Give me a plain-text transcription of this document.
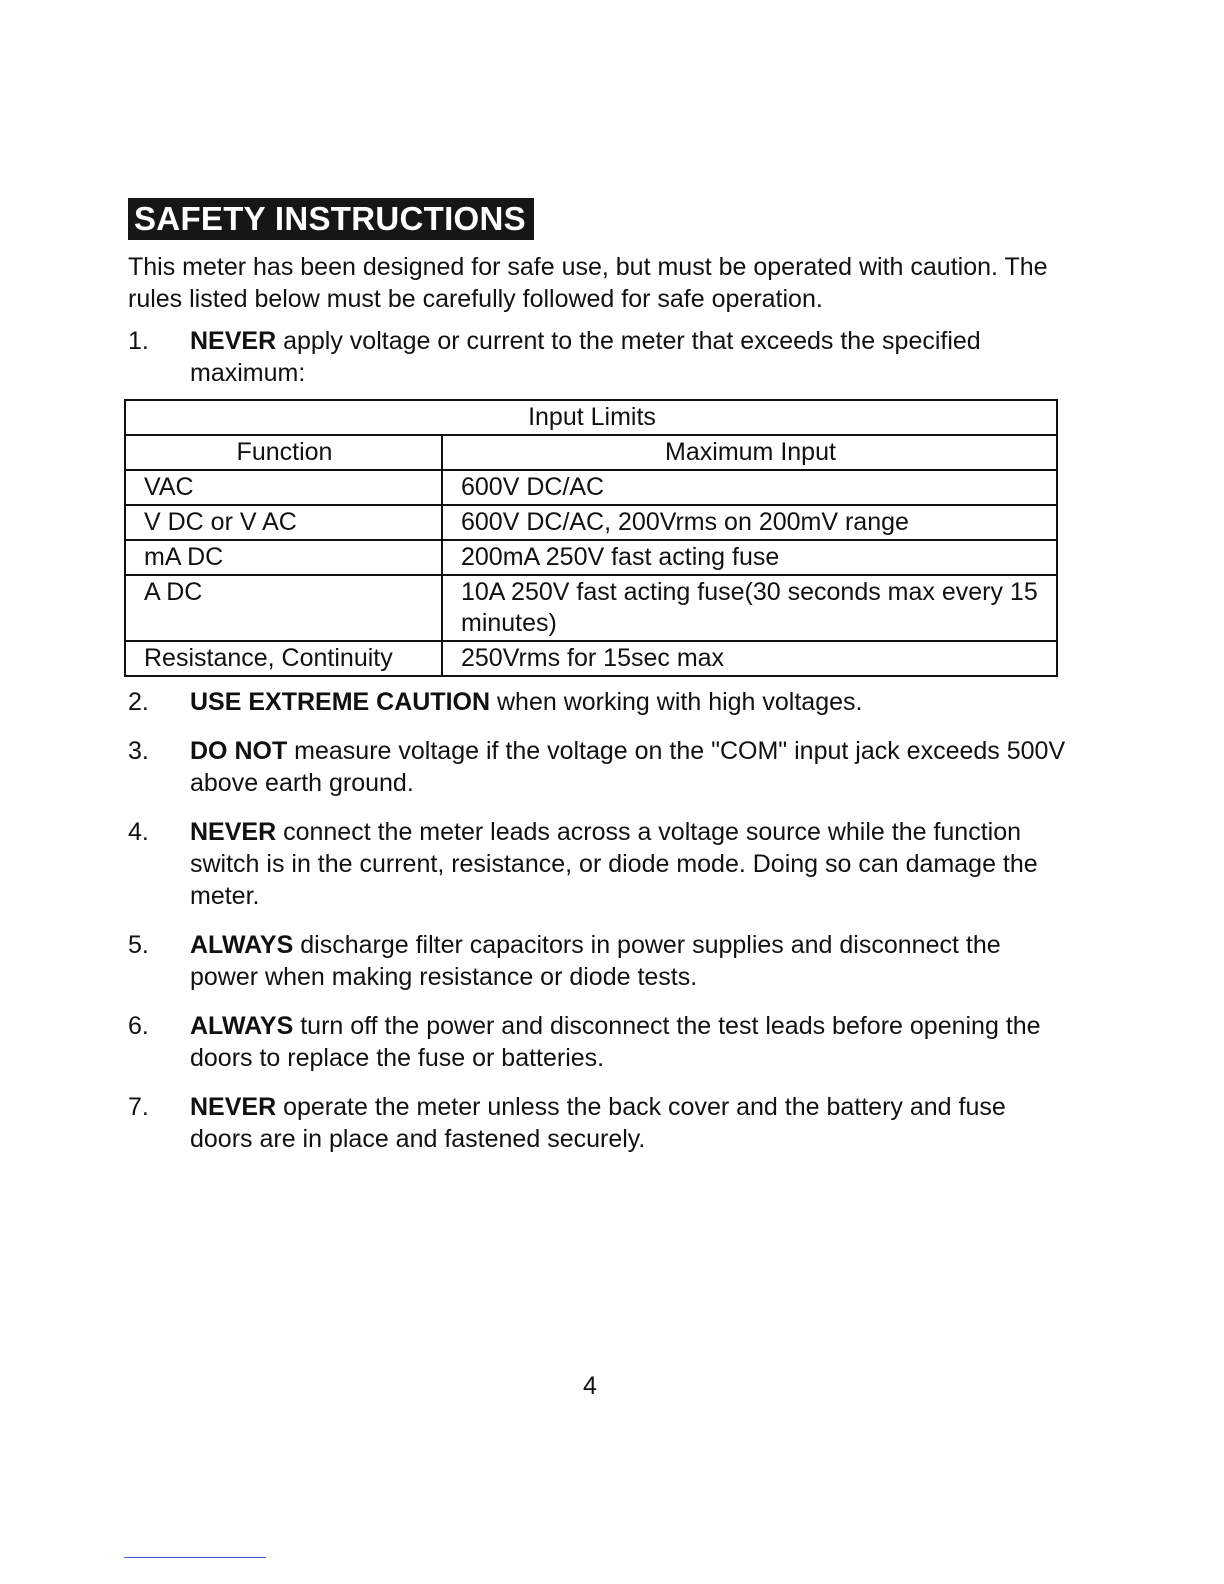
SAFETY INSTRUCTIONS

This meter has been designed for safe use, but must be operated with caution. The rules listed below must be carefully followed for safe operation.

1. NEVER apply voltage or current to the meter that exceeds the specified maximum:
Input Limits	
Function	Maximum Input
VAC	600V DC/AC
V DC or V AC	600V DC/AC, 200Vrms on 200mV range
mA DC	200mA 250V fast acting fuse
A DC	10A 250V fast acting fuse(30 seconds max every 15 minutes)
Resistance, Continuity	250Vrms for 15sec max
2. USE EXTREME CAUTION when working with high voltages.
3. DO NOT measure voltage if the voltage on the "COM" input jack exceeds 500V above earth ground.
4. NEVER connect the meter leads across a voltage source while the function switch is in the current, resistance, or diode mode. Doing so can damage the meter.
5. ALWAYS discharge filter capacitors in power supplies and disconnect the power when making resistance or diode tests.
6. ALWAYS turn off the power and disconnect the test leads before opening the doors to replace the fuse or batteries.
7. NEVER operate the meter unless the back cover and the battery and fuse doors are in place and fastened securely.
4
